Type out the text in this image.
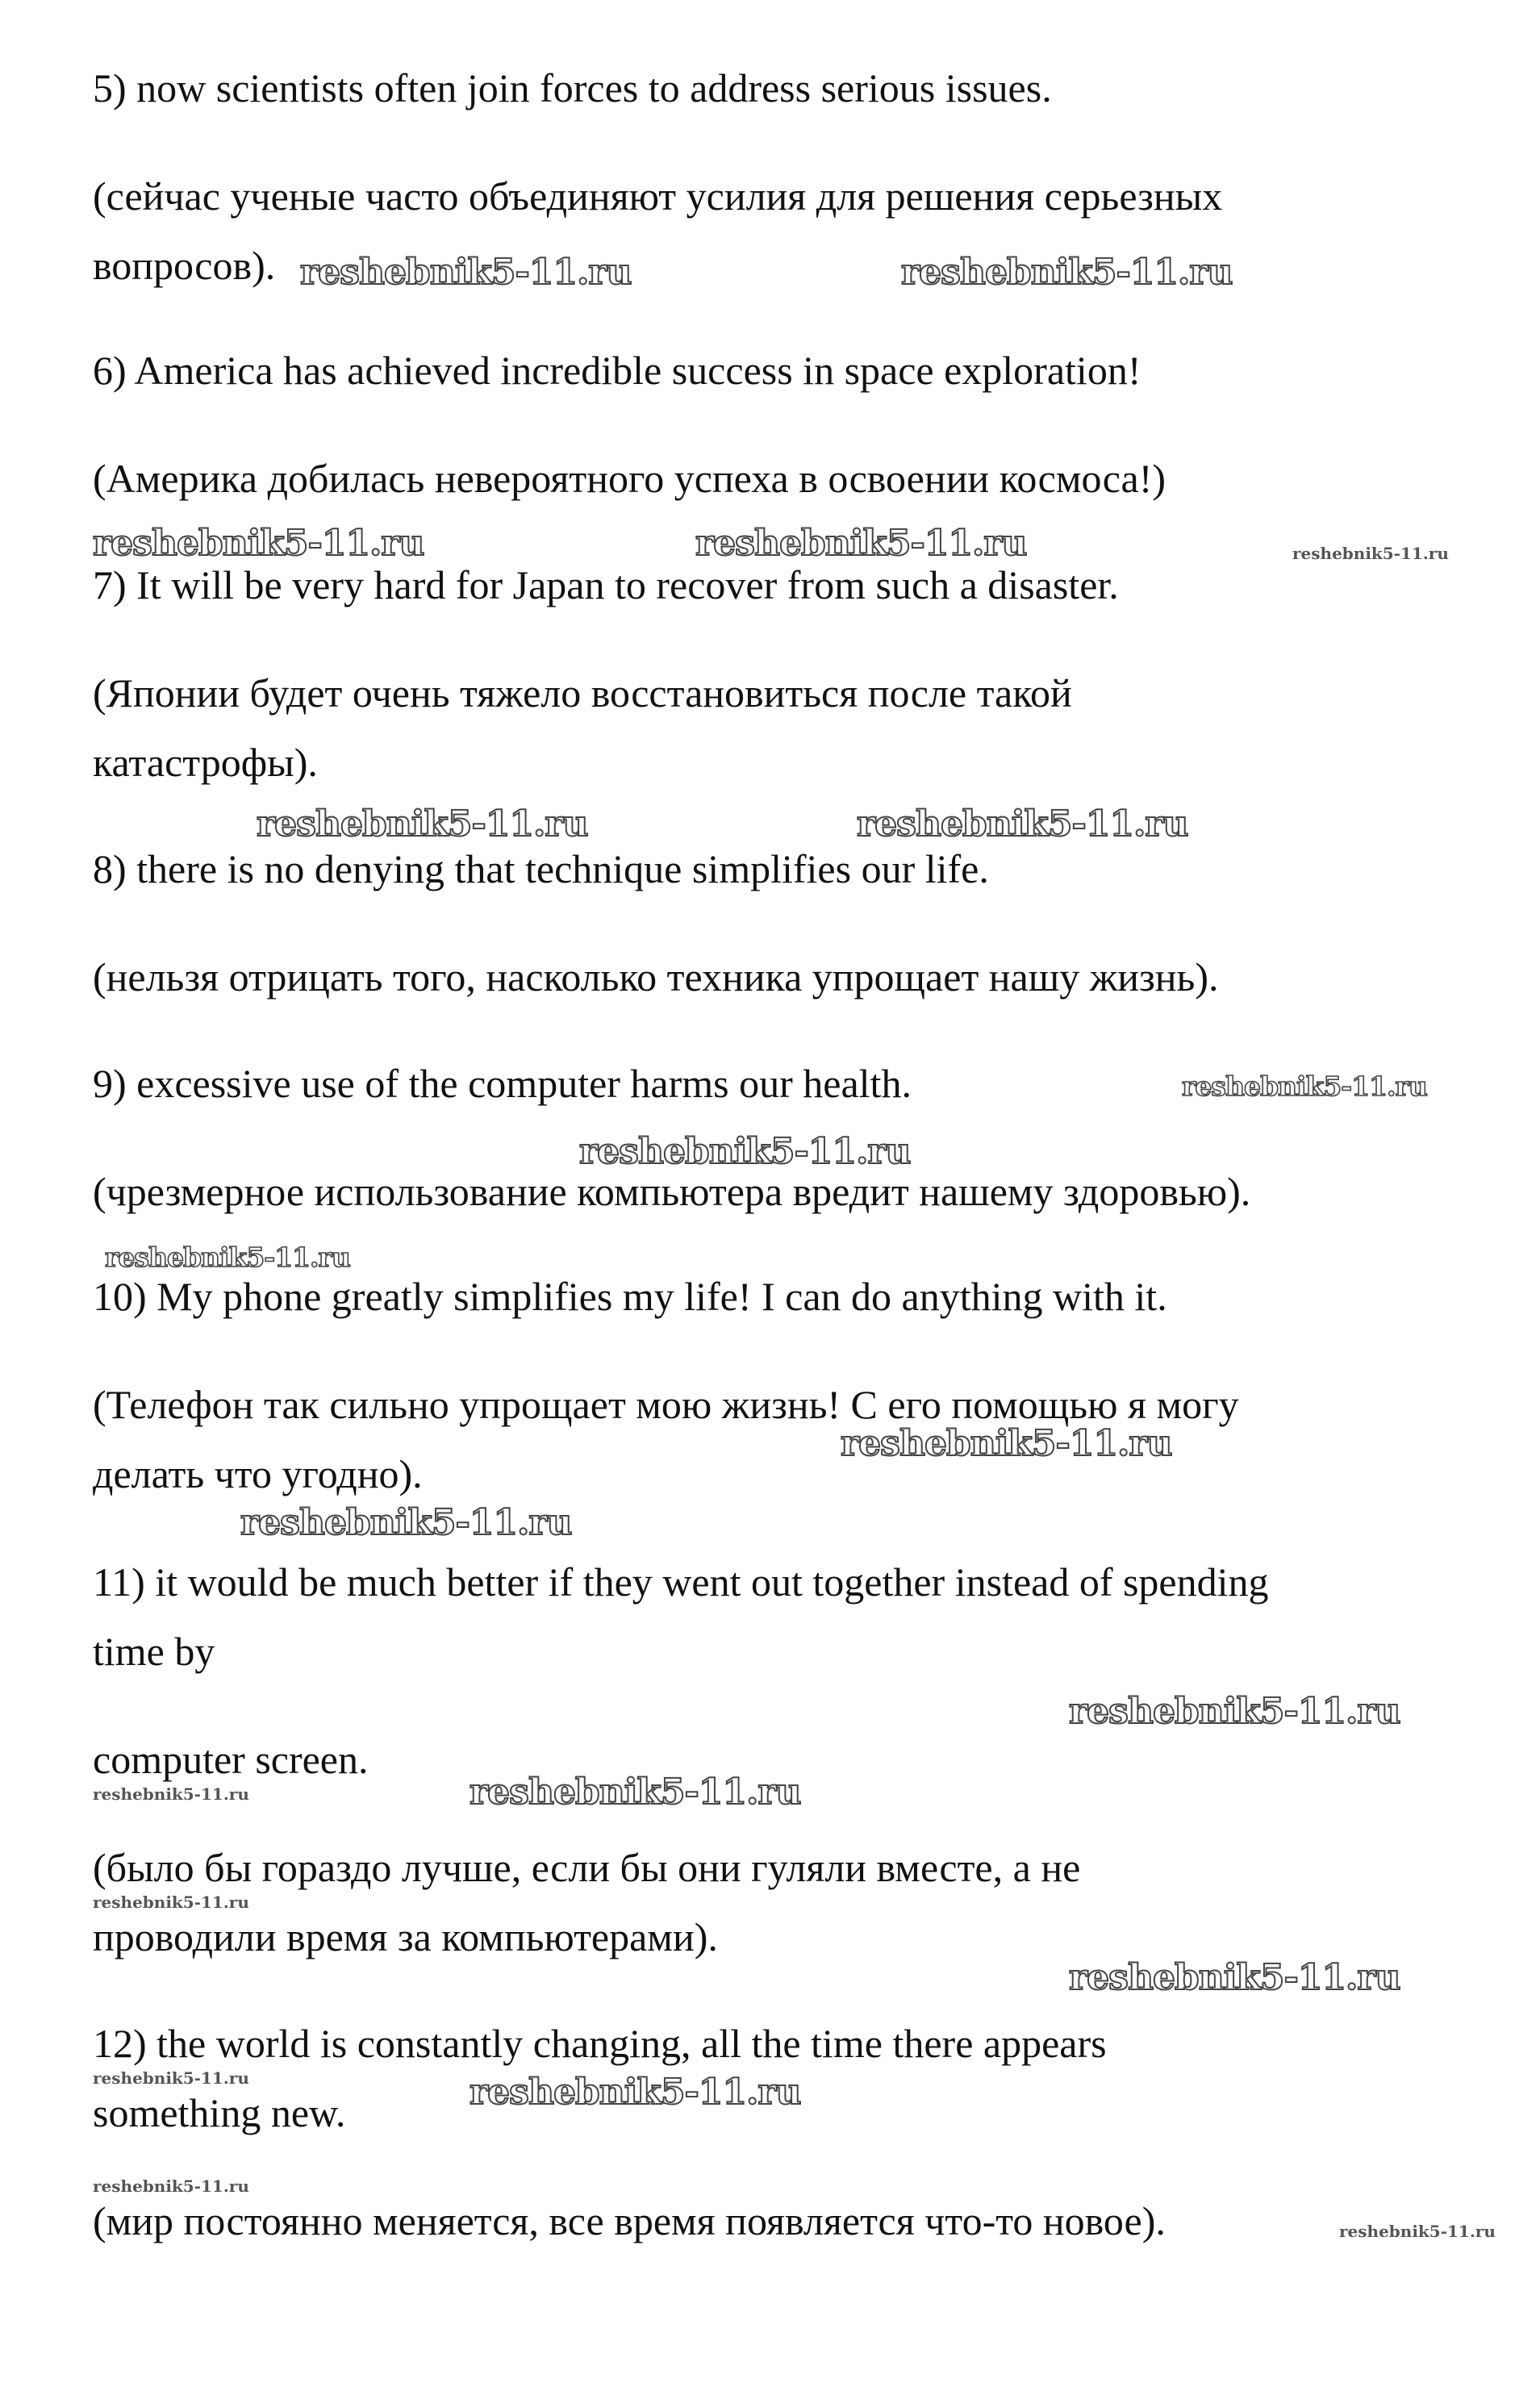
5) now scientists often join forces to address serious issues.

(сейчас ученые часто объединяют усилия для решения серьезных

вопросов).

6) America has achieved incredible success in space exploration!

(Америка добилась невероятного успеха в освоении космоса!)

7) It will be very hard for Japan to recover from such a disaster.

(Японии будет очень тяжело восстановиться после такой

катастрофы).

8) there is no denying that technique simplifies our life.

(нельзя отрицать того, насколько техника упрощает нашу жизнь).

9) excessive use of the computer harms our health.

(чрезмерное использование компьютера вредит нашему здоровью).

10) My phone greatly simplifies my life! I can do anything with it.

(Телефон так сильно упрощает мою жизнь! С его помощью я могу

делать что угодно).

11) it would be much better if they went out together instead of spending

time by

computer screen.

(было бы гораздо лучше, если бы они гуляли вместе, а не

проводили время за компьютерами).

12) the world is constantly changing, all the time there appears

something new.

(мир постоянно меняется, все время появляется что-то новое).

reshebnik5-11.ru	reshebnik5-11.ru
reshebnik5-11.ru	reshebnik5-11.ru	reshebnik5-11.ru
reshebnik5-11.ru	reshebnik5-11.ru
reshebnik5-11.ru
reshebnik5-11.ru
reshebnik5-11.ru
reshebnik5-11.ru
reshebnik5-11.ru
reshebnik5-11.ru
reshebnik5-11.ru	reshebnik5-11.ru
reshebnik5-11.ru
reshebnik5-11.ru
reshebnik5-11.ru	reshebnik5-11.ru
reshebnik5-11.ru
reshebnik5-11.ru
